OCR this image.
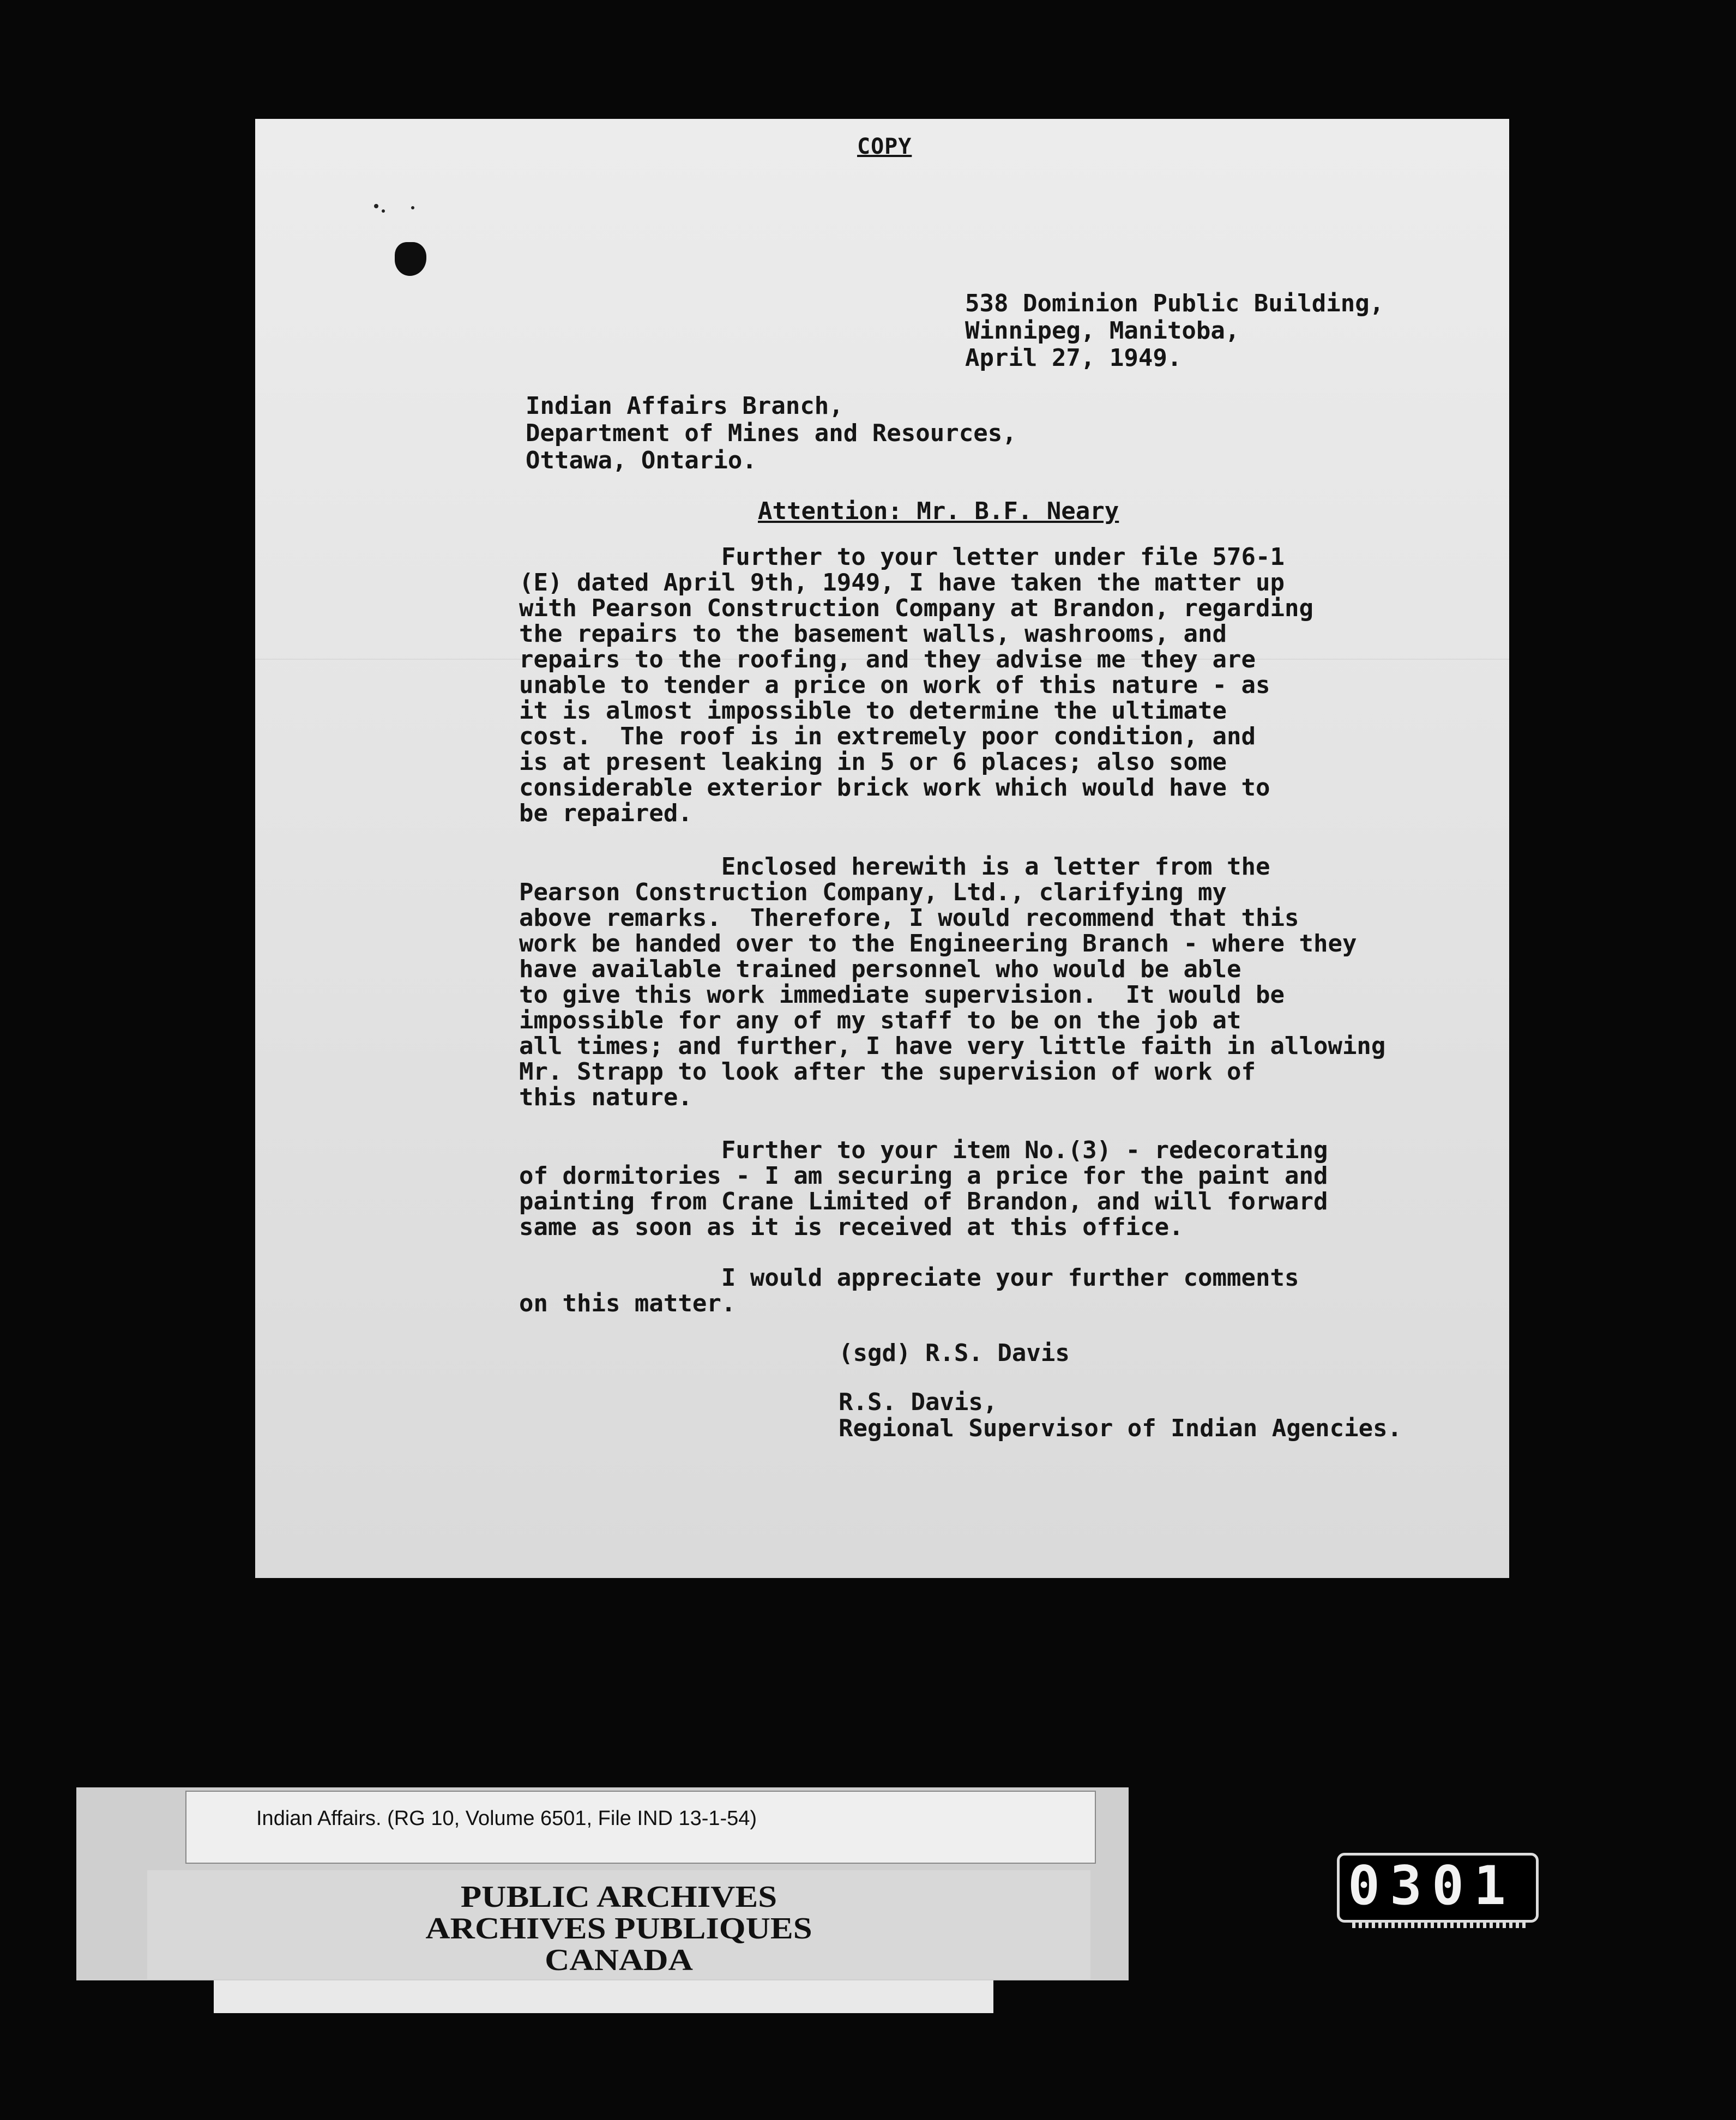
COPY
538 Dominion Public Building,
Winnipeg, Manitoba,
April 27, 1949.
Indian Affairs Branch,
Department of Mines and Resources,
Ottawa, Ontario.
Attention: Mr. B.F. Neary
Further to your letter under file 576-1
(E) dated April 9th, 1949, I have taken the matter up
with Pearson Construction Company at Brandon, regarding
the repairs to the basement walls, washrooms, and
repairs to the roofing, and they advise me they are
unable to tender a price on work of this nature - as
it is almost impossible to determine the ultimate
cost.  The roof is in extremely poor condition, and
is at present leaking in 5 or 6 places; also some
considerable exterior brick work which would have to
be repaired.
Enclosed herewith is a letter from the
Pearson Construction Company, Ltd., clarifying my
above remarks.  Therefore, I would recommend that this
work be handed over to the Engineering Branch - where they
have available trained personnel who would be able
to give this work immediate supervision.  It would be
impossible for any of my staff to be on the job at
all times; and further, I have very little faith in allowing
Mr. Strapp to look after the supervision of work of
this nature.
Further to your item No.(3) - redecorating
of dormitories - I am securing a price for the paint and
painting from Crane Limited of Brandon, and will forward
same as soon as it is received at this office.
I would appreciate your further comments
on this matter.
(sgd) R.S. Davis
R.S. Davis,
Regional Supervisor of Indian Agencies.
Indian Affairs. (RG 10, Volume 6501, File IND 13-1-54)
PUBLIC ARCHIVES
ARCHIVES PUBLIQUES
CANADA
0301
